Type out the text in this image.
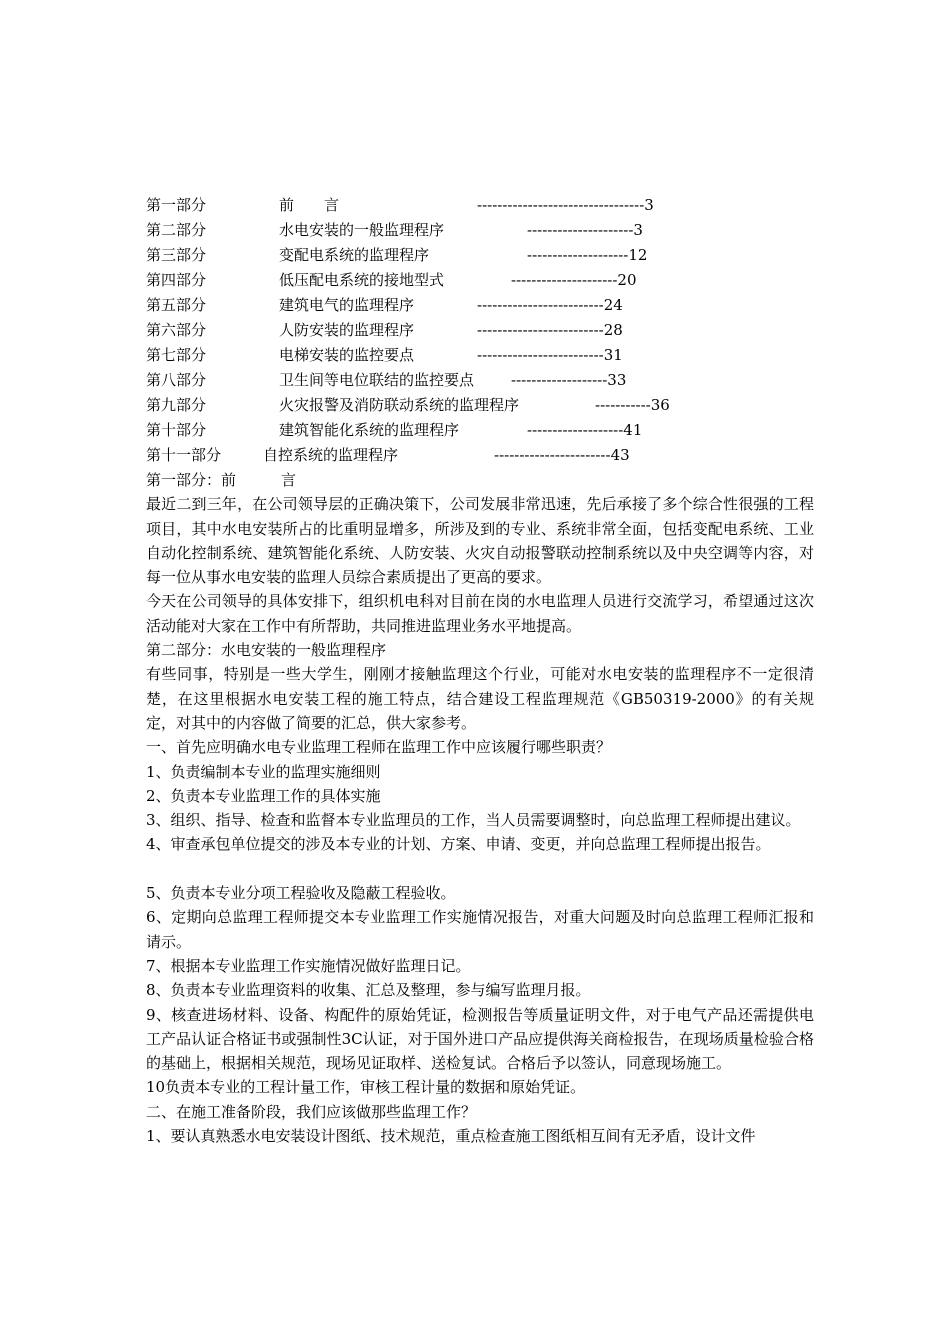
第一部分	前　　言	---------------------------------3
第二部分	水电安装的一般监理程序	---------------------3
第三部分	变配电系统的监理程序	--------------------12
第四部分	低压配电系统的接地型式	---------------------20
第五部分	建筑电气的监理程序	-------------------------24
第六部分	人防安装的监理程序	-------------------------28
第七部分	电梯安装的监控要点	-------------------------31
第八部分	卫生间等电位联结的监控要点 -------------------33
第九部分	火灾报警及消防联动系统的监理程序	-----------36
第十部分	建筑智能化系统的监理程序	-------------------41
第十一部分	自控系统的监理程序	-----------------------43

第一部分：前　　　言

最近二到三年，在公司领导层的正确决策下，公司发展非常迅速，先后承接了多个综合性很强的工程项目，其中水电安装所占的比重明显增多，所涉及到的专业、系统非常全面，包括变配电系统、工业自动化控制系统、建筑智能化系统、人防安装、火灾自动报警联动控制系统以及中央空调等内容，对每一位从事水电安装的监理人员综合素质提出了更高的要求。

今天在公司领导的具体安排下，组织机电科对目前在岗的水电监理人员进行交流学习，希望通过这次活动能对大家在工作中有所帮助，共同推进监理业务水平地提高。

第二部分：水电安装的一般监理程序

有些同事，特别是一些大学生，刚刚才接触监理这个行业，可能对水电安装的监理程序不一定很清楚，在这里根据水电安装工程的施工特点，结合建设工程监理规范《GB50319-2000》的有关规定，对其中的内容做了简要的汇总，供大家参考。

一、首先应明确水电专业监理工程师在监理工作中应该履行哪些职责？

1、负责编制本专业的监理实施细则

2、负责本专业监理工作的具体实施

3、组织、指导、检查和监督本专业监理员的工作，当人员需要调整时，向总监理工程师提出建议。

4、审查承包单位提交的涉及本专业的计划、方案、申请、变更，并向总监理工程师提出报告。

5、负责本专业分项工程验收及隐蔽工程验收。

6、定期向总监理工程师提交本专业监理工作实施情况报告，对重大问题及时向总监理工程师汇报和请示。

7、根据本专业监理工作实施情况做好监理日记。

8、负责本专业监理资料的收集、汇总及整理，参与编写监理月报。

9、核查进场材料、设备、构配件的原始凭证，检测报告等质量证明文件，对于电气产品还需提供电工产品认证合格证书或强制性3C认证，对于国外进口产品应提供海关商检报告，在现场质量检验合格的基础上，根据相关规范，现场见证取样、送检复试。合格后予以签认，同意现场施工。

10负责本专业的工程计量工作，审核工程计量的数据和原始凭证。

二、在施工准备阶段，我们应该做那些监理工作？

1、要认真熟悉水电安装设计图纸、技术规范，重点检查施工图纸相互间有无矛盾，设计文件
